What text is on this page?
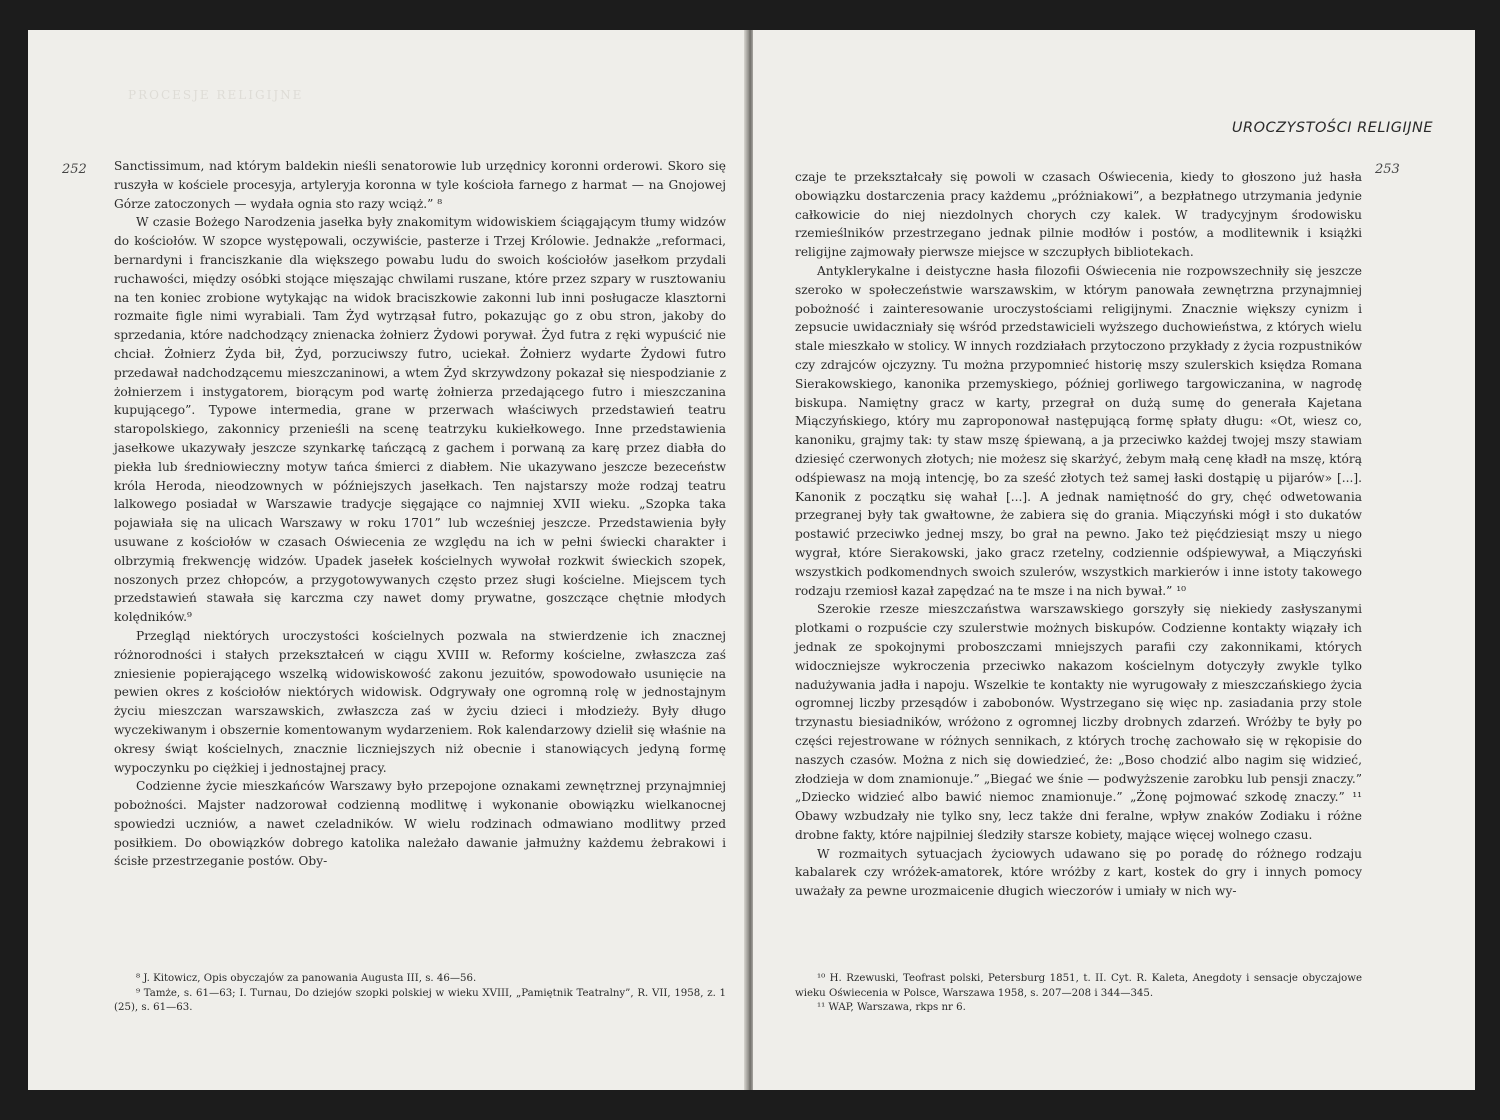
PROCESJE RELIGIJNE
252 Sanctissimum, nad którym baldekin nieśli senatorowie lub urzędnicy koronni orderowi. Skoro się ruszyła w kościele procesyja, artyleryja koronna w tyle kościoła farnego z harmat — na Gnojowej Górze zatoczonych — wydała ognia sto razy wciąż.” ⁸

W czasie Bożego Narodzenia jasełka były znakomitym widowiskiem ściągającym tłumy widzów do kościołów. W szopce występowali, oczywiście, pasterze i Trzej Królowie. Jednakże „reformaci, bernardyni i franciszkanie dla większego powabu ludu do swoich kościołów jasełkom przydali ruchawości, między osóbki stojące mięszając chwilami ruszane, które przez szpary w rusztowaniu na ten koniec zrobione wytykając na widok braciszkowie zakonni lub inni posługacze klasztorni rozmaite figle nimi wyrabiali. Tam Żyd wytrząsał futro, pokazując go z obu stron, jakoby do sprzedania, które nadchodzący znienacka żołnierz Żydowi porywał. Żyd futra z ręki wypuścić nie chciał. Żołnierz Żyda bił, Żyd, porzuciwszy futro, uciekał. Żołnierz wydarte Żydowi futro przedawał nadchodzącemu mieszczaninowi, a wtem Żyd skrzywdzony pokazał się niespodzianie z żołnierzem i instygatorem, biorącym pod wartę żołnierza przedającego futro i mieszczanina kupującego”. Typowe intermedia, grane w przerwach właściwych przedstawień teatru staropolskiego, zakonnicy przenieśli na scenę teatrzyku kukiełkowego. Inne przedstawienia jasełkowe ukazywały jeszcze szynkarkę tańczącą z gachem i porwaną za karę przez diabła do piekła lub średniowieczny motyw tańca śmierci z diabłem. Nie ukazywano jeszcze bezeceństw króla Heroda, nieodzownych w późniejszych jasełkach. Ten najstarszy może rodzaj teatru lalkowego posiadał w Warszawie tradycje sięgające co najmniej XVII wieku. „Szopka taka pojawiała się na ulicach Warszawy w roku 1701” lub wcześniej jeszcze. Przedstawienia były usuwane z kościołów w czasach Oświecenia ze względu na ich w pełni świecki charakter i olbrzymią frekwencję widzów. Upadek jasełek kościelnych wywołał rozkwit świeckich szopek, noszonych przez chłopców, a przygotowywanych często przez sługi kościelne. Miejscem tych przedstawień stawała się karczma czy nawet domy prywatne, goszczące chętnie młodych kolędników.⁹

Przegląd niektórych uroczystości kościelnych pozwala na stwierdzenie ich znacznej różnorodności i stałych przekształceń w ciągu XVIII w. Reformy kościelne, zwłaszcza zaś zniesienie popierającego wszelką widowiskowość zakonu jezuitów, spowodowało usunięcie na pewien okres z kościołów niektórych widowisk. Odgrywały one ogromną rolę w jednostajnym życiu mieszczan warszawskich, zwłaszcza zaś w życiu dzieci i młodzieży. Były długo wyczekiwanym i obszernie komentowanym wydarzeniem. Rok kalendarzowy dzielił się właśnie na okresy świąt kościelnych, znacznie liczniejszych niż obecnie i stanowiących jedyną formę wypoczynku po ciężkiej i jednostajnej pracy.

Codzienne życie mieszkańców Warszawy było przepojone oznakami zewnętrznej przynajmniej pobożności. Majster nadzorował codzienną modlitwę i wykonanie obowiązku wielkanocnej spowiedzi uczniów, a nawet czeladników. W wielu rodzinach odmawiano modlitwy przed posiłkiem. Do obowiązków dobrego katolika należało dawanie jałmużny każdemu żebrakowi i ścisłe przestrzeganie postów. Oby-

⁸ J. Kitowicz, Opis obyczajów za panowania Augusta III, s. 46—56.

⁹ Tamże, s. 61—63; I. Turnau, Do dziejów szopki polskiej w wieku XVIII, „Pamiętnik Teatralny”, R. VII, 1958, z. 1 (25), s. 61—63.

UROCZYSTOŚCI RELIGIJNE
253

czaje te przekształcały się powoli w czasach Oświecenia, kiedy to głoszono już hasła obowiązku dostarczenia pracy każdemu „próżniakowi”, a bezpłatnego utrzymania jedynie całkowicie do niej niezdolnych chorych czy kalek. W tradycyjnym środowisku rzemieślników przestrzegano jednak pilnie modłów i postów, a modlitewnik i książki religijne zajmowały pierwsze miejsce w szczupłych bibliotekach.

Antyklerykalne i deistyczne hasła filozofii Oświecenia nie rozpowszechniły się jeszcze szeroko w społeczeństwie warszawskim, w którym panowała zewnętrzna przynajmniej pobożność i zainteresowanie uroczystościami religijnymi. Znacznie większy cynizm i zepsucie uwidaczniały się wśród przedstawicieli wyższego duchowieństwa, z których wielu stale mieszkało w stolicy. W innych rozdziałach przytoczono przykłady z życia rozpustników czy zdrajców ojczyzny. Tu można przypomnieć historię mszy szulerskich księdza Romana Sierakowskiego, kanonika przemyskiego, później gorliwego targowiczanina, w nagrodę biskupa. Namiętny gracz w karty, przegrał on dużą sumę do generała Kajetana Miączyńskiego, który mu zaproponował następującą formę spłaty długu: «Ot, wiesz co, kanoniku, grajmy tak: ty staw mszę śpiewaną, a ja przeciwko każdej twojej mszy stawiam dziesięć czerwonych złotych; nie możesz się skarżyć, żebym małą cenę kładł na mszę, którą odśpiewasz na moją intencję, bo za sześć złotych też samej łaski dostąpię u pijarów» [...]. Kanonik z początku się wahał [...]. A jednak namiętność do gry, chęć odwetowania przegranej były tak gwałtowne, że zabiera się do grania. Miączyński mógł i sto dukatów postawić przeciwko jednej mszy, bo grał na pewno. Jako też pięćdziesiąt mszy u niego wygrał, które Sierakowski, jako gracz rzetelny, codziennie odśpiewywał, a Miączyński wszystkich podkomendnych swoich szulerów, wszystkich markierów i inne istoty takowego rodzaju rzemiosł kazał zapędzać na te msze i na nich bywał.” ¹⁰

Szerokie rzesze mieszczaństwa warszawskiego gorszyły się niekiedy zasłyszanymi plotkami o rozpuście czy szulerstwie możnych biskupów. Codzienne kontakty wiązały ich jednak ze spokojnymi proboszczami mniejszych parafii czy zakonnikami, których widoczniejsze wykroczenia przeciwko nakazom kościelnym dotyczyły zwykle tylko nadużywania jadła i napoju. Wszelkie te kontakty nie wyrugowały z mieszczańskiego życia ogromnej liczby przesądów i zabobonów. Wystrzegano się więc np. zasiadania przy stole trzynastu biesiadników, wróżono z ogromnej liczby drobnych zdarzeń. Wróżby te były po części rejestrowane w różnych sennikach, z których trochę zachowało się w rękopisie do naszych czasów. Można z nich się dowiedzieć, że: „Boso chodzić albo nagim się widzieć, złodzieja w dom znamionuje.” „Biegać we śnie — podwyższenie zarobku lub pensji znaczy.” „Dziecko widzieć albo bawić niemoc znamionuje.” „Żonę pojmować szkodę znaczy.” ¹¹ Obawy wzbudzały nie tylko sny, lecz także dni feralne, wpływ znaków Zodiaku i różne drobne fakty, które najpilniej śledziły starsze kobiety, mające więcej wolnego czasu.

W rozmaitych sytuacjach życiowych udawano się po poradę do różnego rodzaju kabalarek czy wróżek-amatorek, które wróżby z kart, kostek do gry i innych pomocy uważały za pewne urozmaicenie długich wieczorów i umiały w nich wy-

¹⁰ H. Rzewuski, Teofrast polski, Petersburg 1851, t. II. Cyt. R. Kaleta, Anegdoty i sensacje obyczajowe wieku Oświecenia w Polsce, Warszawa 1958, s. 207—208 i 344—345.

¹¹ WAP, Warszawa, rkps nr 6.
